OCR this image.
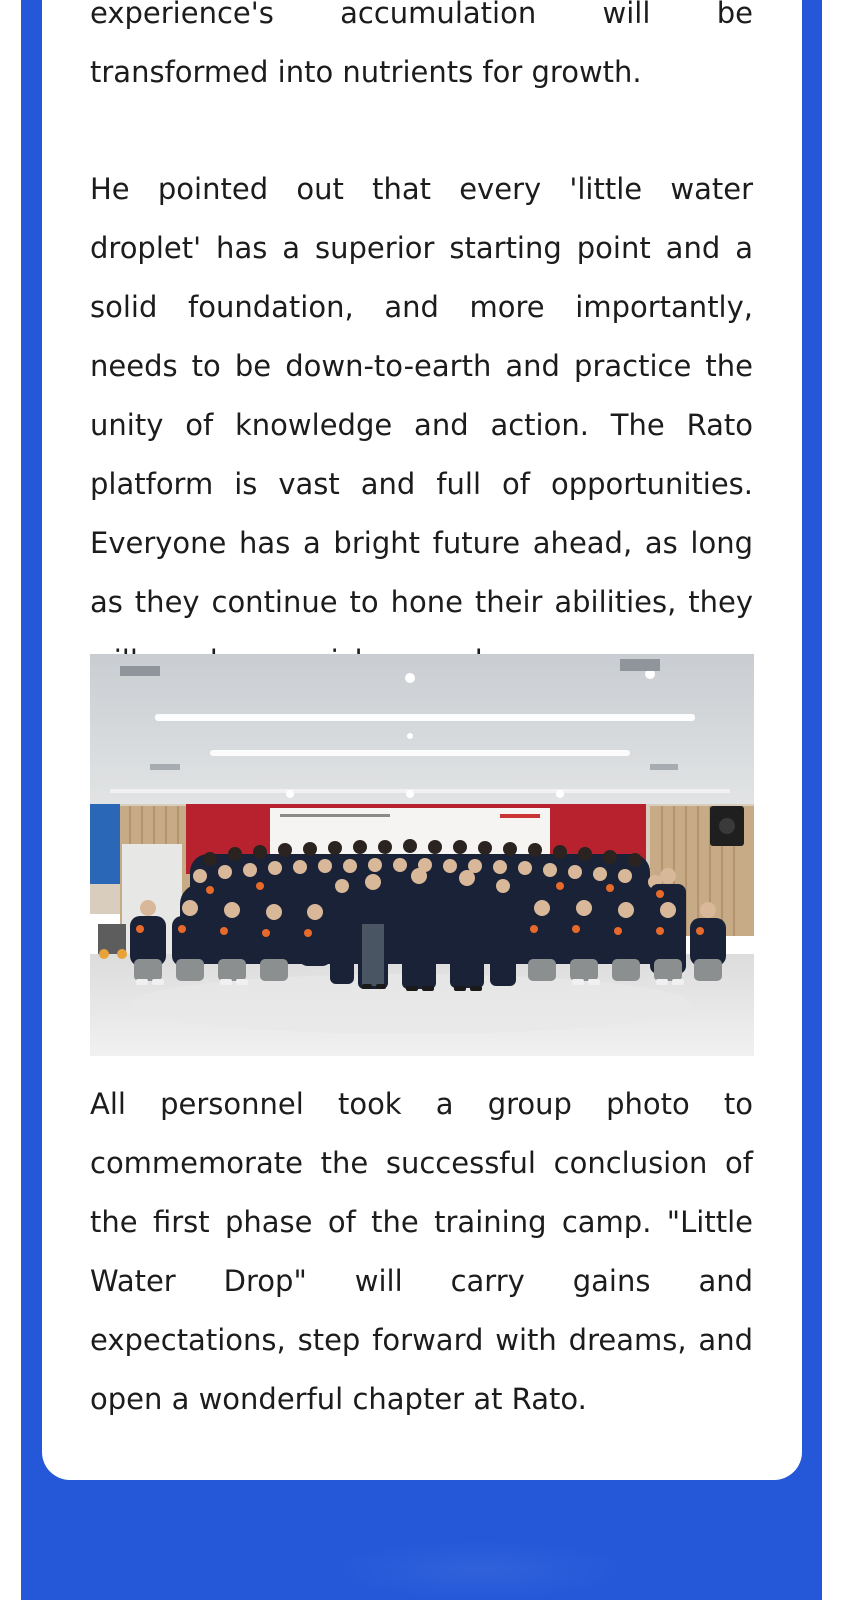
experience's accumulation will be transformed into nutrients for growth.

He pointed out that every 'little water droplet' has a superior starting point and a solid foundation, and more importantly, needs to be down-to-earth and practice the unity of knowledge and action. The Rato platform is vast and full of opportunities. Everyone has a bright future ahead, as long as they continue to hone their abilities, they

All personnel took a group photo to commemorate the successful conclusion of the first phase of the training camp. "Little Water Drop" will carry gains and expectations, step forward with dreams, and open a wonderful chapter at Rato.
